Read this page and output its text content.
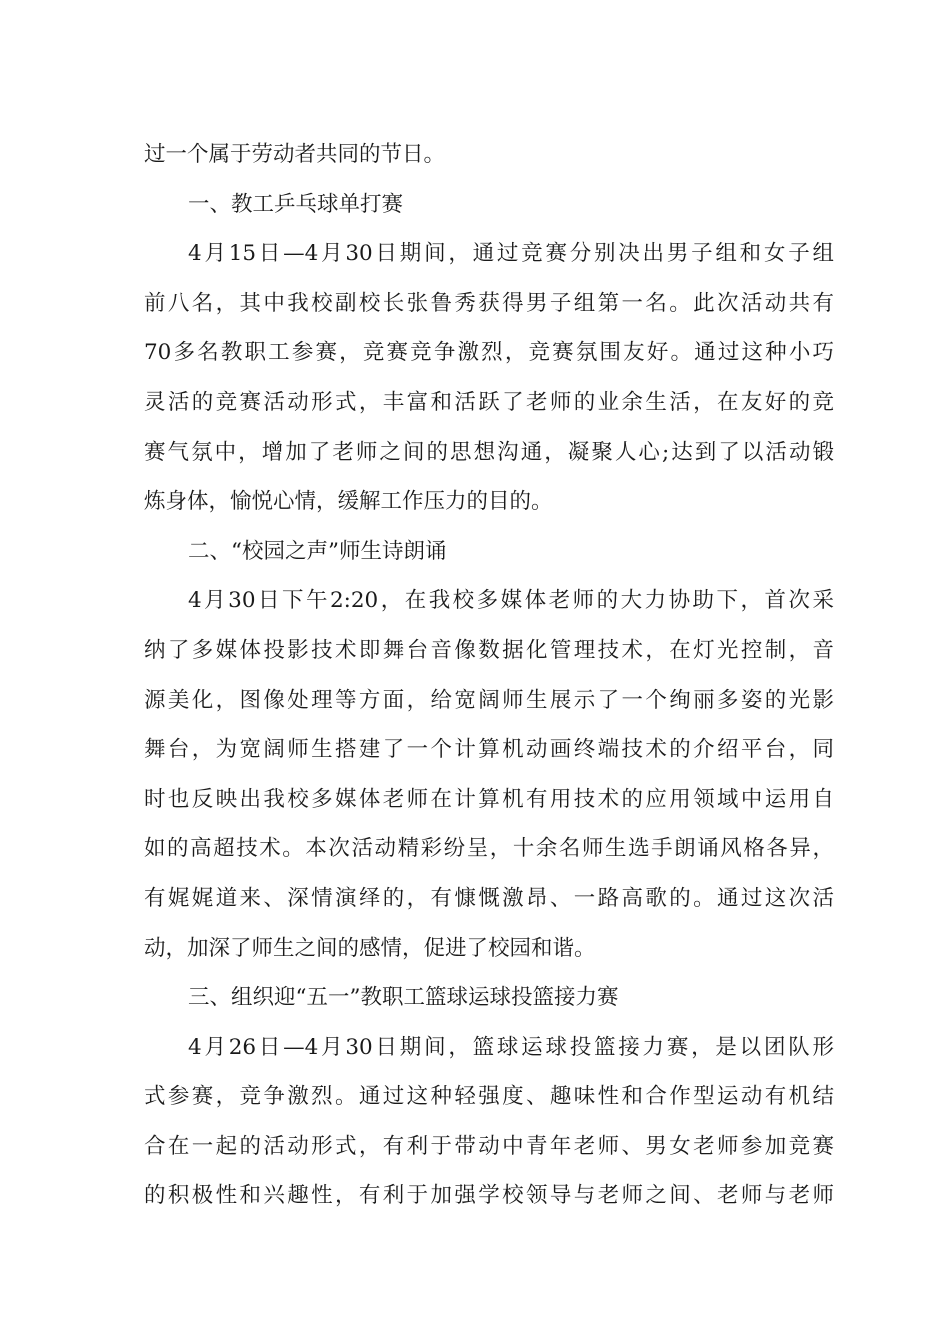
过一个属于劳动者共同的节日。

一、教工乒乓球单打赛

4月15日—4月30日期间，通过竞赛分别决出男子组和女子组

前八名，其中我校副校长张鲁秀获得男子组第一名。此次活动共有

70多名教职工参赛，竞赛竞争激烈，竞赛氛围友好。通过这种小巧

灵活的竞赛活动形式，丰富和活跃了老师的业余生活，在友好的竞

赛气氛中，增加了老师之间的思想沟通，凝聚人心;达到了以活动锻

炼身体，愉悦心情，缓解工作压力的目的。

二、“校园之声”师生诗朗诵

4月30日下午2:20，在我校多媒体老师的大力协助下，首次采

纳了多媒体投影技术即舞台音像数据化管理技术，在灯光控制，音

源美化，图像处理等方面，给宽阔师生展示了一个绚丽多姿的光影

舞台，为宽阔师生搭建了一个计算机动画终端技术的介绍平台，同

时也反映出我校多媒体老师在计算机有用技术的应用领域中运用自

如的高超技术。本次活动精彩纷呈，十余名师生选手朗诵风格各异，

有娓娓道来、深情演绎的，有慷慨激昂、一路高歌的。通过这次活

动，加深了师生之间的感情，促进了校园和谐。

三、组织迎“五一”教职工篮球运球投篮接力赛

4月26日—4月30日期间，篮球运球投篮接力赛，是以团队形

式参赛，竞争激烈。通过这种轻强度、趣味性和合作型运动有机结

合在一起的活动形式，有利于带动中青年老师、男女老师参加竞赛

的积极性和兴趣性，有利于加强学校领导与老师之间、老师与老师
